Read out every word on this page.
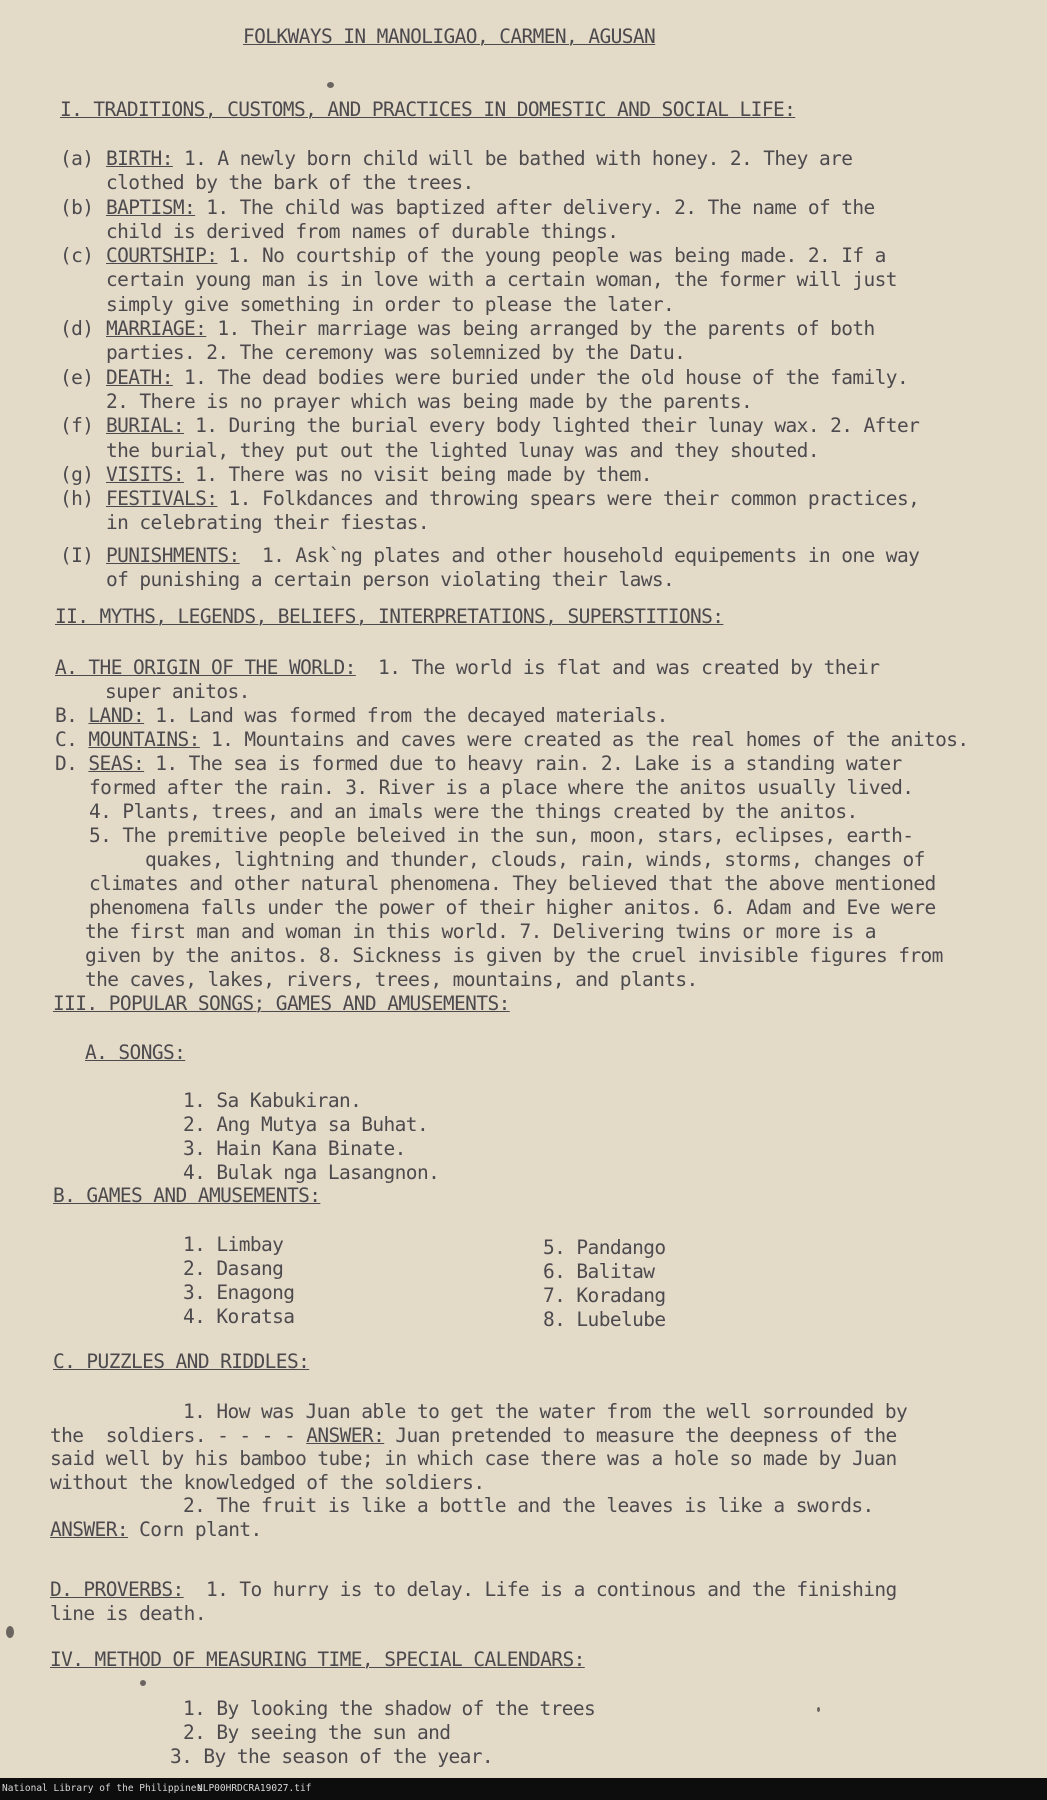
FOLKWAYS IN MANOLIGAO, CARMEN, AGUSAN
I. TRADITIONS, CUSTOMS, AND PRACTICES IN DOMESTIC AND SOCIAL LIFE:
(a) BIRTH: 1. A newly born child will be bathed with honey. 2. They are
clothed by the bark of the trees.
(b) BAPTISM: 1. The child was baptized after delivery. 2. The name of the
child is derived from names of durable things.
(c) COURTSHIP: 1. No courtship of the young people was being made. 2. If a
certain young man is in love with a certain woman, the former will just
simply give something in order to please the later.
(d) MARRIAGE: 1. Their marriage was being arranged by the parents of both
parties. 2. The ceremony was solemnized by the Datu.
(e) DEATH: 1. The dead bodies were buried under the old house of the family.
2. There is no prayer which was being made by the parents.
(f) BURIAL: 1. During the burial every body lighted their lunay wax. 2. After
the burial, they put out the lighted lunay was and they shouted.
(g) VISITS: 1. There was no visit being made by them.
(h) FESTIVALS: 1. Folkdances and throwing spears were their common practices,
in celebrating their fiestas.
(I) PUNISHMENTS:  1. Ask`ng plates and other household equipements in one way
of punishing a certain person violating their laws.
II. MYTHS, LEGENDS, BELIEFS, INTERPRETATIONS, SUPERSTITIONS:
A. THE ORIGIN OF THE WORLD:  1. The world is flat and was created by their
super anitos.
B. LAND: 1. Land was formed from the decayed materials.
C. MOUNTAINS: 1. Mountains and caves were created as the real homes of the anitos.
D. SEAS: 1. The sea is formed due to heavy rain. 2. Lake is a standing water
formed after the rain. 3. River is a place where the anitos usually lived.
4. Plants, trees, and an imals were the things created by the anitos.
5. The premitive people beleived in the sun, moon, stars, eclipses, earth-
quakes, lightning and thunder, clouds, rain, winds, storms, changes of
climates and other natural phenomena. They believed that the above mentioned
phenomena falls under the power of their higher anitos. 6. Adam and Eve were
the first man and woman in this world. 7. Delivering twins or more is a
given by the anitos. 8. Sickness is given by the cruel invisible figures from
the caves, lakes, rivers, trees, mountains, and plants.
III. POPULAR SONGS; GAMES AND AMUSEMENTS:
A. SONGS:
1. Sa Kabukiran.
2. Ang Mutya sa Buhat.
3. Hain Kana Binate.
4. Bulak nga Lasangnon.
B. GAMES AND AMUSEMENTS:
1. Limbay
2. Dasang
3. Enagong
4. Koratsa
5. Pandango
6. Balitaw
7. Koradang
8. Lubelube
C. PUZZLES AND RIDDLES:
1. How was Juan able to get the water from the well sorrounded by
the  soldiers. - - - - ANSWER: Juan pretended to measure the deepness of the
said well by his bamboo tube; in which case there was a hole so made by Juan
without the knowledged of the soldiers.
2. The fruit is like a bottle and the leaves is like a swords.
ANSWER: Corn plant.
D. PROVERBS:  1. To hurry is to delay. Life is a continous and the finishing
line is death.
IV. METHOD OF MEASURING TIME, SPECIAL CALENDARS:
1. By looking the shadow of the trees
2. By seeing the sun and
3. By the season of the year.
National Library of the Philippines
NLP00HRDCRA19027.tif
